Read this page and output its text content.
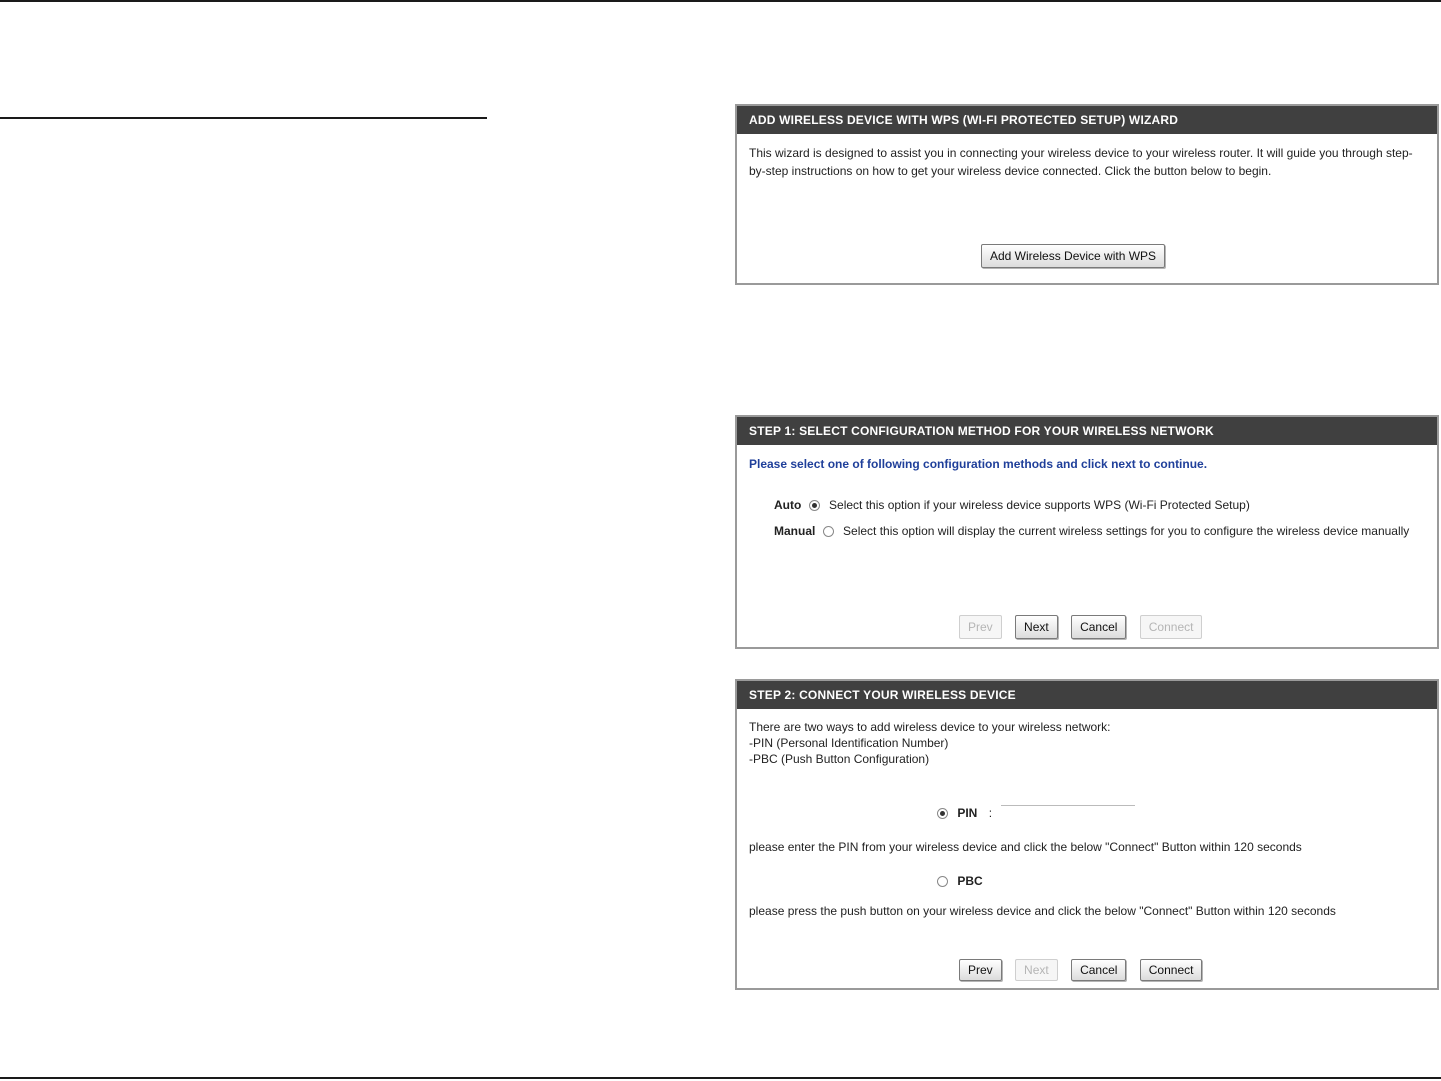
ADD WIRELESS DEVICE WITH WPS (WI-FI PROTECTED SETUP) WIZARD
This wizard is designed to assist you in connecting your wireless device to your wireless router. It will guide you through step-by-step instructions on how to get your wireless device connected. Click the button below to begin.
Add Wireless Device with WPS
STEP 1: SELECT CONFIGURATION METHOD FOR YOUR WIRELESS NETWORK
Please select one of following configuration methods and click next to continue.
Auto Select this option if your wireless device supports WPS (Wi-Fi Protected Setup)
Manual Select this option will display the current wireless settings for you to configure the wireless device manually
Prev	Next	Cancel	Connect
STEP 2: CONNECT YOUR WIRELESS DEVICE
There are two ways to add wireless device to your wireless network:
-PIN (Personal Identification Number)
-PBC (Push Button Configuration)
PIN :
please enter the PIN from your wireless device and click the below "Connect" Button within 120 seconds
PBC
please press the push button on your wireless device and click the below "Connect" Button within 120 seconds
Prev	Next	Cancel	Connect
